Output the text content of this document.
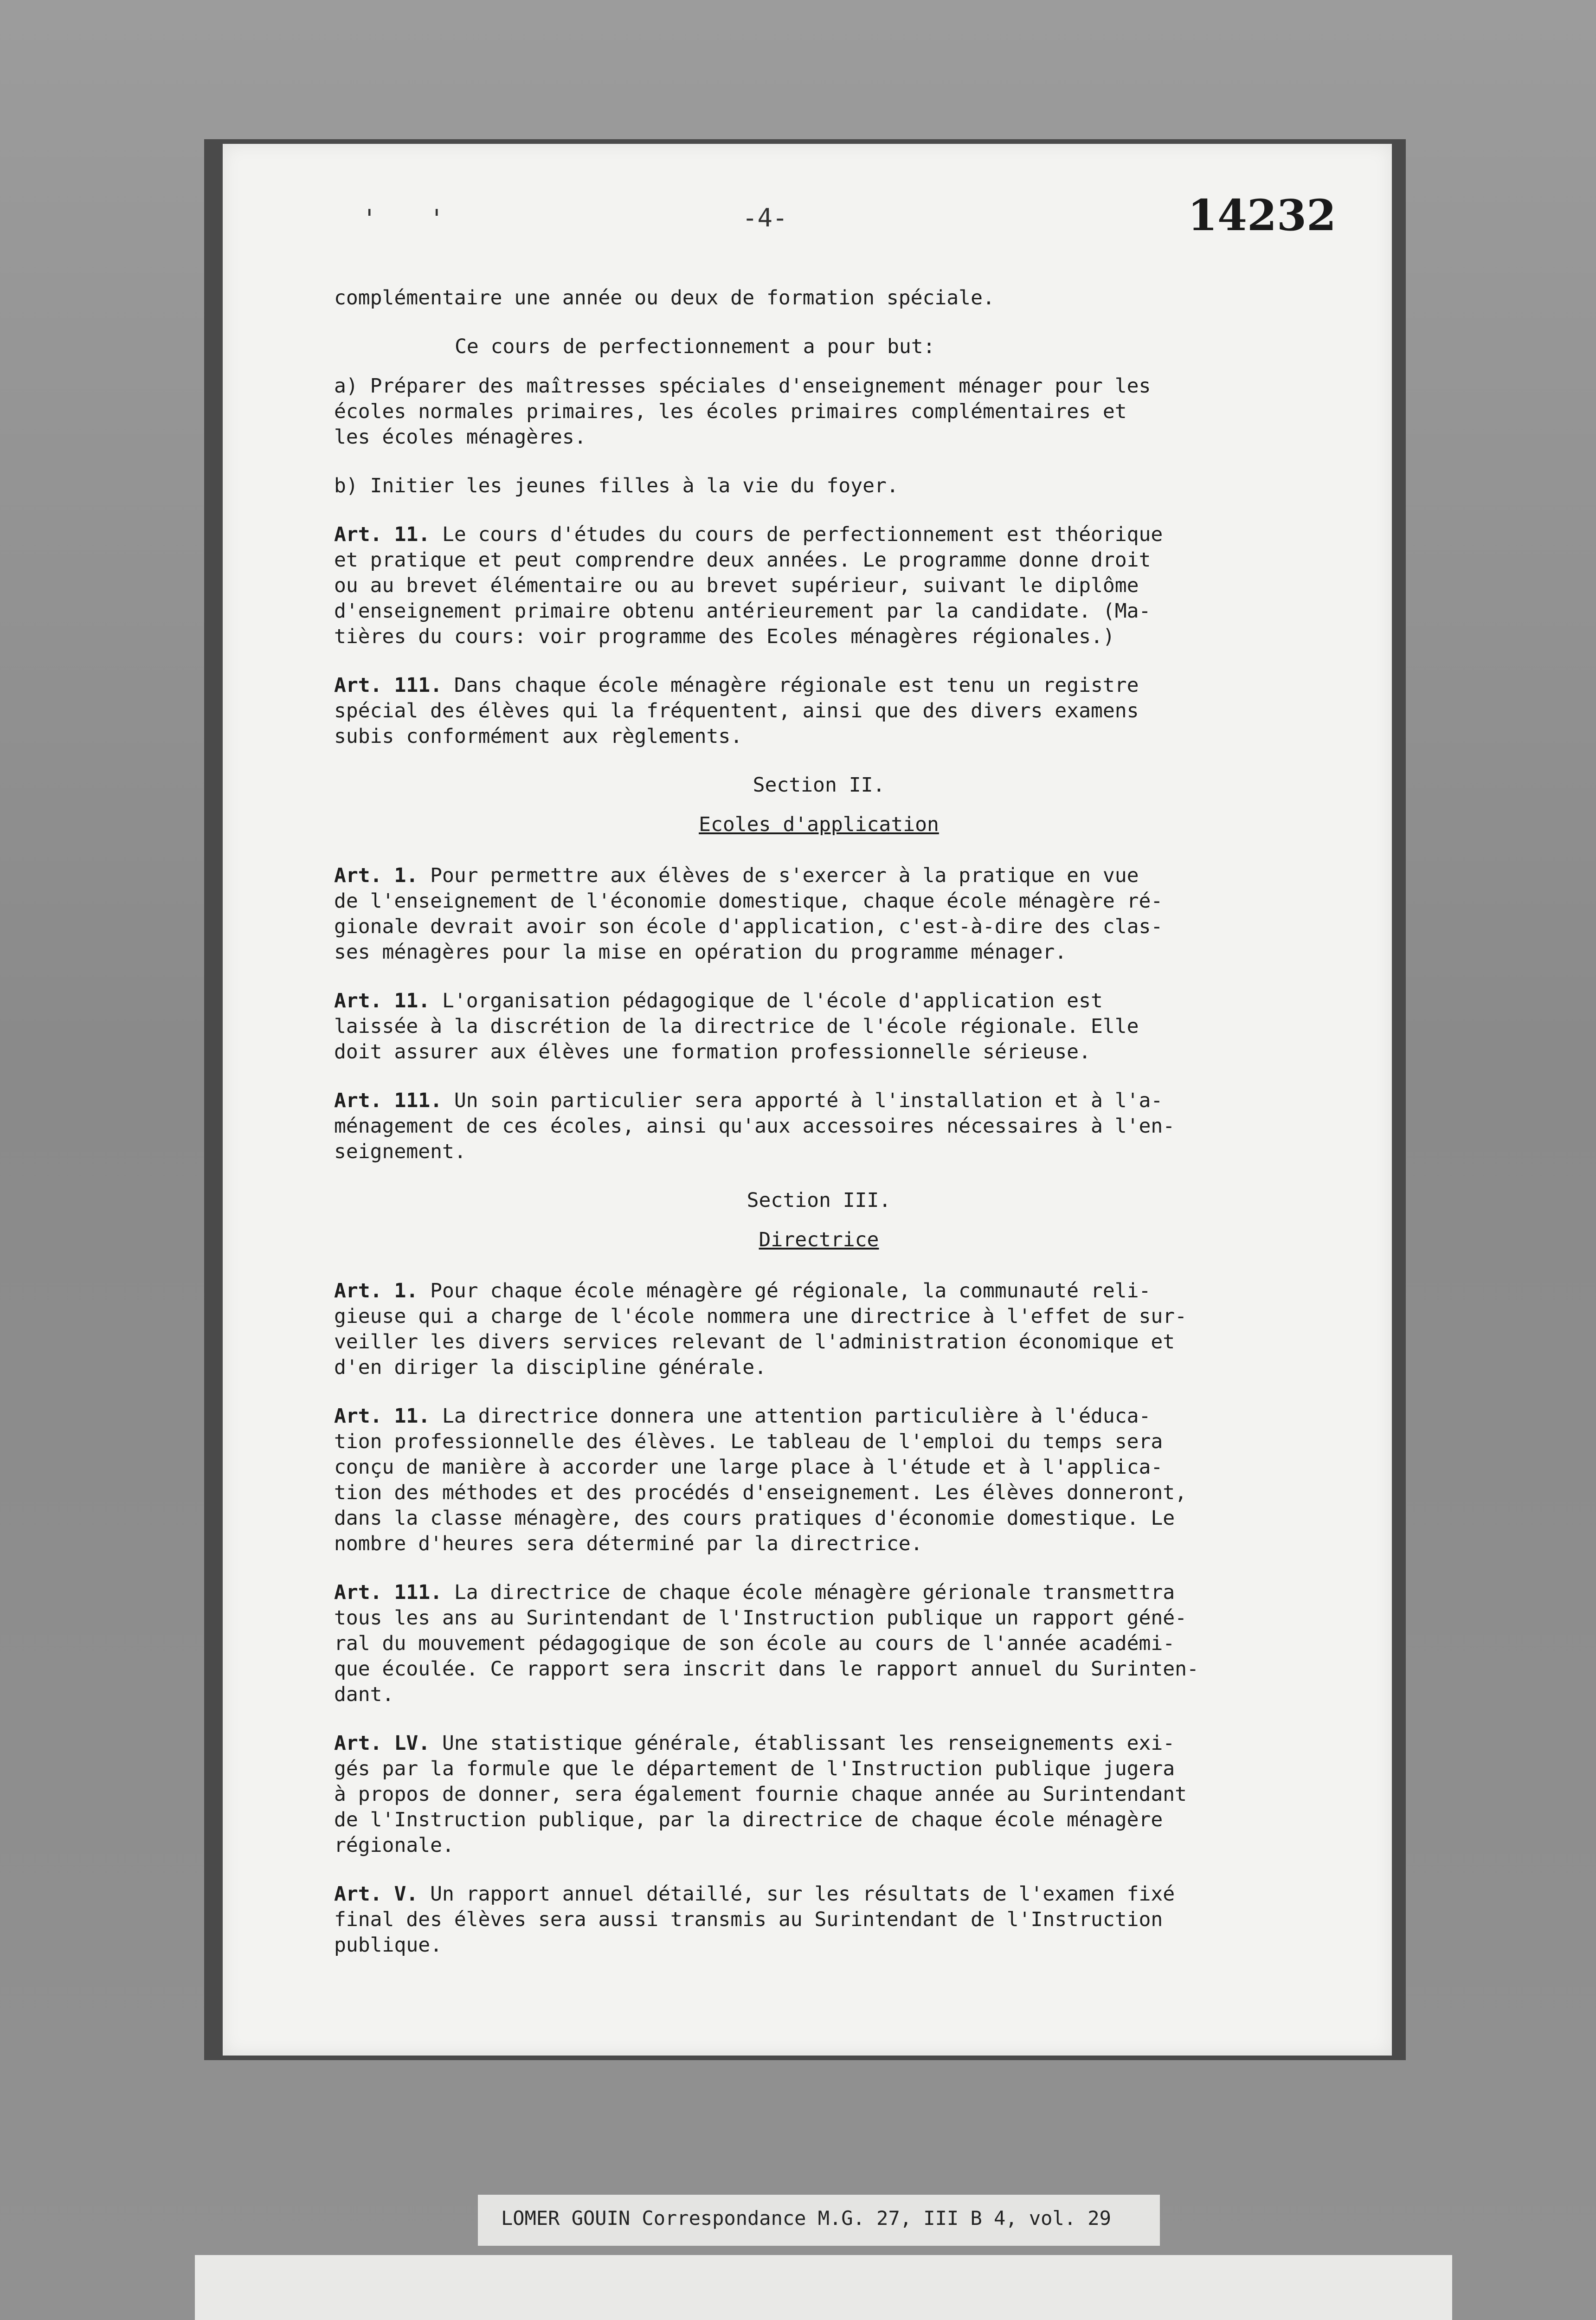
' '	-4-	14232

complémentaire une année ou deux de formation spéciale.

Ce cours de perfectionnement a pour but:

a) Préparer des maîtresses spéciales d'enseignement ménager pour les
écoles normales primaires, les écoles primaires complémentaires et
les écoles ménagères.

b) Initier les jeunes filles à la vie du foyer.

Art. 11. Le cours d'études du cours de perfectionnement est théorique
et pratique et peut comprendre deux années. Le programme donne droit
ou au brevet élémentaire ou au brevet supérieur, suivant le diplôme
d'enseignement primaire obtenu antérieurement par la candidate. (Ma-
tières du cours: voir programme des Ecoles ménagères régionales.)

Art. 111. Dans chaque école ménagère régionale est tenu un registre
spécial des élèves qui la fréquentent, ainsi que des divers examens
subis conformément aux règlements.

Section II.
Ecoles d'application

Art. 1. Pour permettre aux élèves de s'exercer à la pratique en vue
de l'enseignement de l'économie domestique, chaque école ménagère ré-
gionale devrait avoir son école d'application, c'est-à-dire des clas-
ses ménagères pour la mise en opération du programme ménager.

Art. 11. L'organisation pédagogique de l'école d'application est
laissée à la discrétion de la directrice de l'école régionale. Elle
doit assurer aux élèves une formation professionnelle sérieuse.

Art. 111. Un soin particulier sera apporté à l'installation et à l'a-
ménagement de ces écoles, ainsi qu'aux accessoires nécessaires à l'en-
seignement.

Section III.
Directrice

Art. 1. Pour chaque école ménagère gé régionale, la communauté reli-
gieuse qui a charge de l'école nommera une directrice à l'effet de sur-
veiller les divers services relevant de l'administration économique et
d'en diriger la discipline générale.

Art. 11. La directrice donnera une attention particulière à l'éduca-
tion professionnelle des élèves. Le tableau de l'emploi du temps sera
conçu de manière à accorder une large place à l'étude et à l'applica-
tion des méthodes et des procédés d'enseignement. Les élèves donneront,
dans la classe ménagère, des cours pratiques d'économie domestique. Le
nombre d'heures sera déterminé par la directrice.

Art. 111. La directrice de chaque école ménagère gérionale transmettra
tous les ans au Surintendant de l'Instruction publique un rapport géné-
ral du mouvement pédagogique de son école au cours de l'année académi-
que écoulée. Ce rapport sera inscrit dans le rapport annuel du Surinten-
dant.

Art. LV. Une statistique générale, établissant les renseignements exi-
gés par la formule que le département de l'Instruction publique jugera
à propos de donner, sera également fournie chaque année au Surintendant
de l'Instruction publique, par la directrice de chaque école ménagère
régionale.

Art. V. Un rapport annuel détaillé, sur les résultats de l'examen fixé
final des élèves sera aussi transmis au Surintendant de l'Instruction
publique.

LOMER GOUIN Correspondance M.G. 27, III B 4, vol. 29
